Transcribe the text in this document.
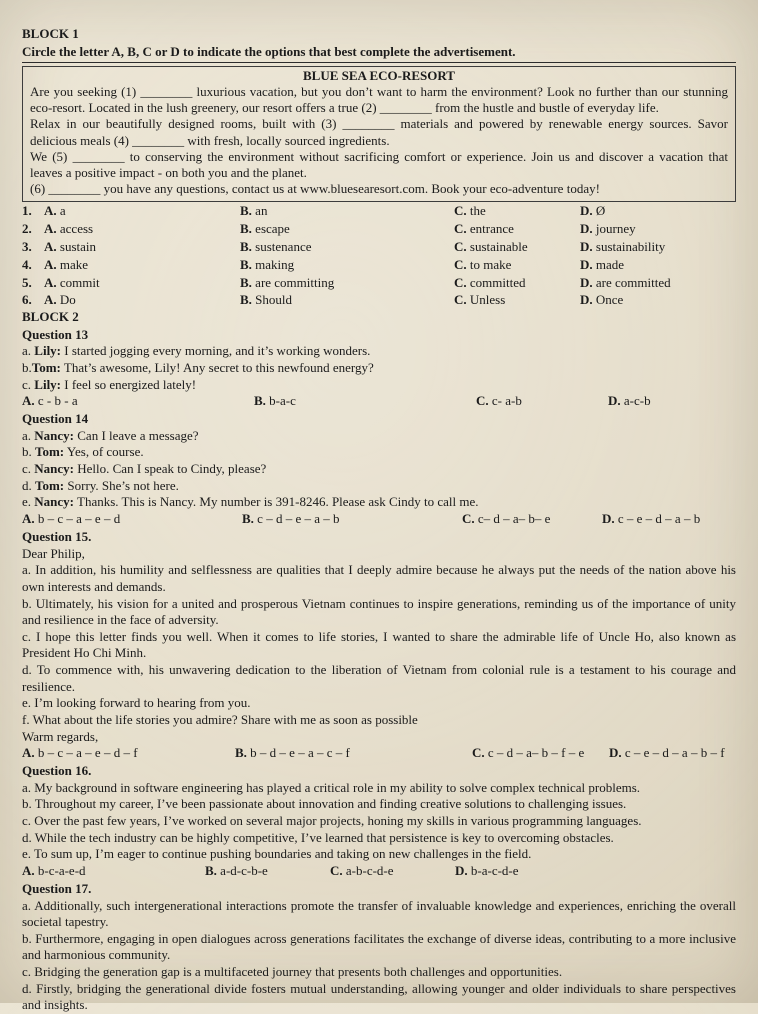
BLOCK 1
Circle the letter A, B, C or D to indicate the options that best complete the advertisement.
BLUE SEA ECO-RESORT
Are you seeking (1) ________ luxurious vacation, but you don’t want to harm the environment? Look no further than our stunning eco-resort. Located in the lush greenery, our resort offers a true (2) ________ from the hustle and bustle of everyday life.
Relax in our beautifully designed rooms, built with (3) ________ materials and powered by renewable energy sources. Savor delicious meals (4) ________ with fresh, locally sourced ingredients.
We (5) ________ to conserving the environment without sacrificing comfort or experience. Join us and discover a vacation that leaves a positive impact - on both you and the planet.
(6) ________ you have any questions, contact us at www.bluesearesort.com. Book your eco-adventure today!
1. A. a	B. an	C. the	D. Ø
2. A. access	B. escape	C. entrance	D. journey
3. A. sustain	B. sustenance	C. sustainable	D. sustainability
4. A. make	B. making	C. to make	D. made
5. A. commit	B. are committing	C. committed	D. are committed
6. A. Do	B. Should	C. Unless	D. Once
BLOCK 2
Question 13
a. Lily: I started jogging every morning, and it’s working wonders.
b.Tom: That’s awesome, Lily! Any secret to this newfound energy?
c. Lily: I feel so energized lately!
A. c - b - a	B. b-a-c	C. c- a-b	D. a-c-b
Question 14
a. Nancy: Can I leave a message?
b. Tom: Yes, of course.
c. Nancy: Hello. Can I speak to Cindy, please?
d. Tom: Sorry. She’s not here.
e. Nancy: Thanks. This is Nancy. My number is 391-8246. Please ask Cindy to call me.
A. b – c – a – e – d	B. c – d – e – a – b	C. c– d – a– b– e	D. c – e – d – a – b
Question 15.
Dear Philip,
a. In addition, his humility and selflessness are qualities that I deeply admire because he always put the needs of the nation above his own interests and demands.
b. Ultimately, his vision for a united and prosperous Vietnam continues to inspire generations, reminding us of the importance of unity and resilience in the face of adversity.
c. I hope this letter finds you well. When it comes to life stories, I wanted to share the admirable life of Uncle Ho, also known as President Ho Chi Minh.
d. To commence with, his unwavering dedication to the liberation of Vietnam from colonial rule is a testament to his courage and resilience.
e. I’m looking forward to hearing from you.
f. What about the life stories you admire? Share with me as soon as possible
Warm regards,
A. b – c – a – e – d – f	B. b – d – e – a – c – f	C. c – d – a– b – f – e	D. c – e – d – a – b – f
Question 16.
a. My background in software engineering has played a critical role in my ability to solve complex technical problems.
b. Throughout my career, I’ve been passionate about innovation and finding creative solutions to challenging issues.
c. Over the past few years, I’ve worked on several major projects, honing my skills in various programming languages.
d. While the tech industry can be highly competitive, I’ve learned that persistence is key to overcoming obstacles.
e. To sum up, I’m eager to continue pushing boundaries and taking on new challenges in the field.
A. b-c-a-e-d	B. a-d-c-b-e	C. a-b-c-d-e	D. b-a-c-d-e
Question 17.
a. Additionally, such intergenerational interactions promote the transfer of invaluable knowledge and experiences, enriching the overall societal tapestry.
b. Furthermore, engaging in open dialogues across generations facilitates the exchange of diverse ideas, contributing to a more inclusive and harmonious community.
c. Bridging the generation gap is a multifaceted journey that presents both challenges and opportunities.
d. Firstly, bridging the generational divide fosters mutual understanding, allowing younger and older individuals to share perspectives and insights.
